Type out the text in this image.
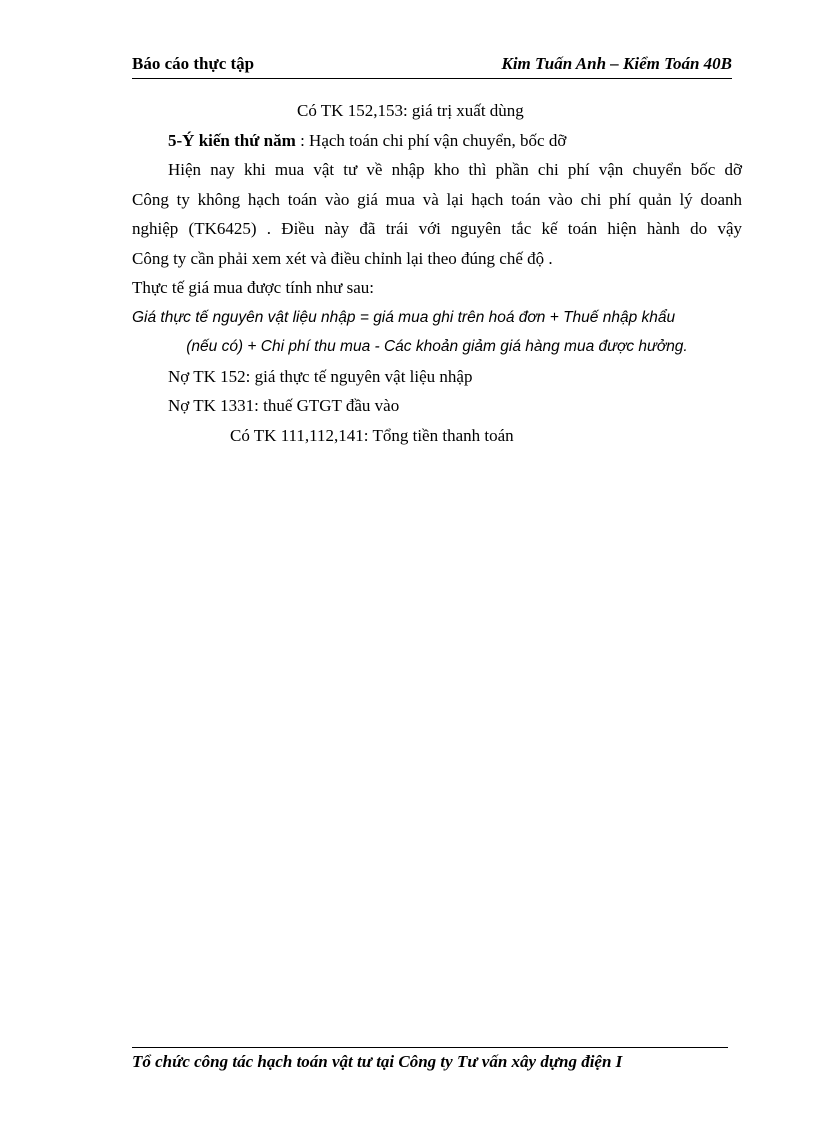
Báo cáo thực tập	Kim Tuấn Anh – Kiểm Toán 40B
Có TK 152,153: giá trị xuất dùng
5-Ý kiến thứ năm : Hạch toán chi phí vận chuyển, bốc dỡ
Hiện nay khi mua vật tư về nhập kho thì phần chi phí vận chuyển bốc dỡ
Công ty không hạch toán vào giá mua và lại hạch toán vào chi phí quản lý doanh
nghiệp (TK6425) . Điều này đã trái với nguyên tắc kế toán hiện hành do vậy
Công ty cần phải xem xét và điều chỉnh lại theo đúng chế độ .
Thực tế giá mua được tính như sau:
Giá thực tế nguyên vật liệu nhập = giá mua ghi trên hoá đơn + Thuế nhập khẩu
(nếu có) + Chi phí thu mua - Các khoản giảm giá hàng mua được hưởng.
Nợ TK 152: giá thực tế nguyên vật liệu nhập
Nợ TK 1331: thuế GTGT đầu vào
Có TK 111,112,141: Tổng tiền thanh toán
Tổ chức công tác hạch toán vật tư tại Công ty Tư vấn xây dựng điện I
